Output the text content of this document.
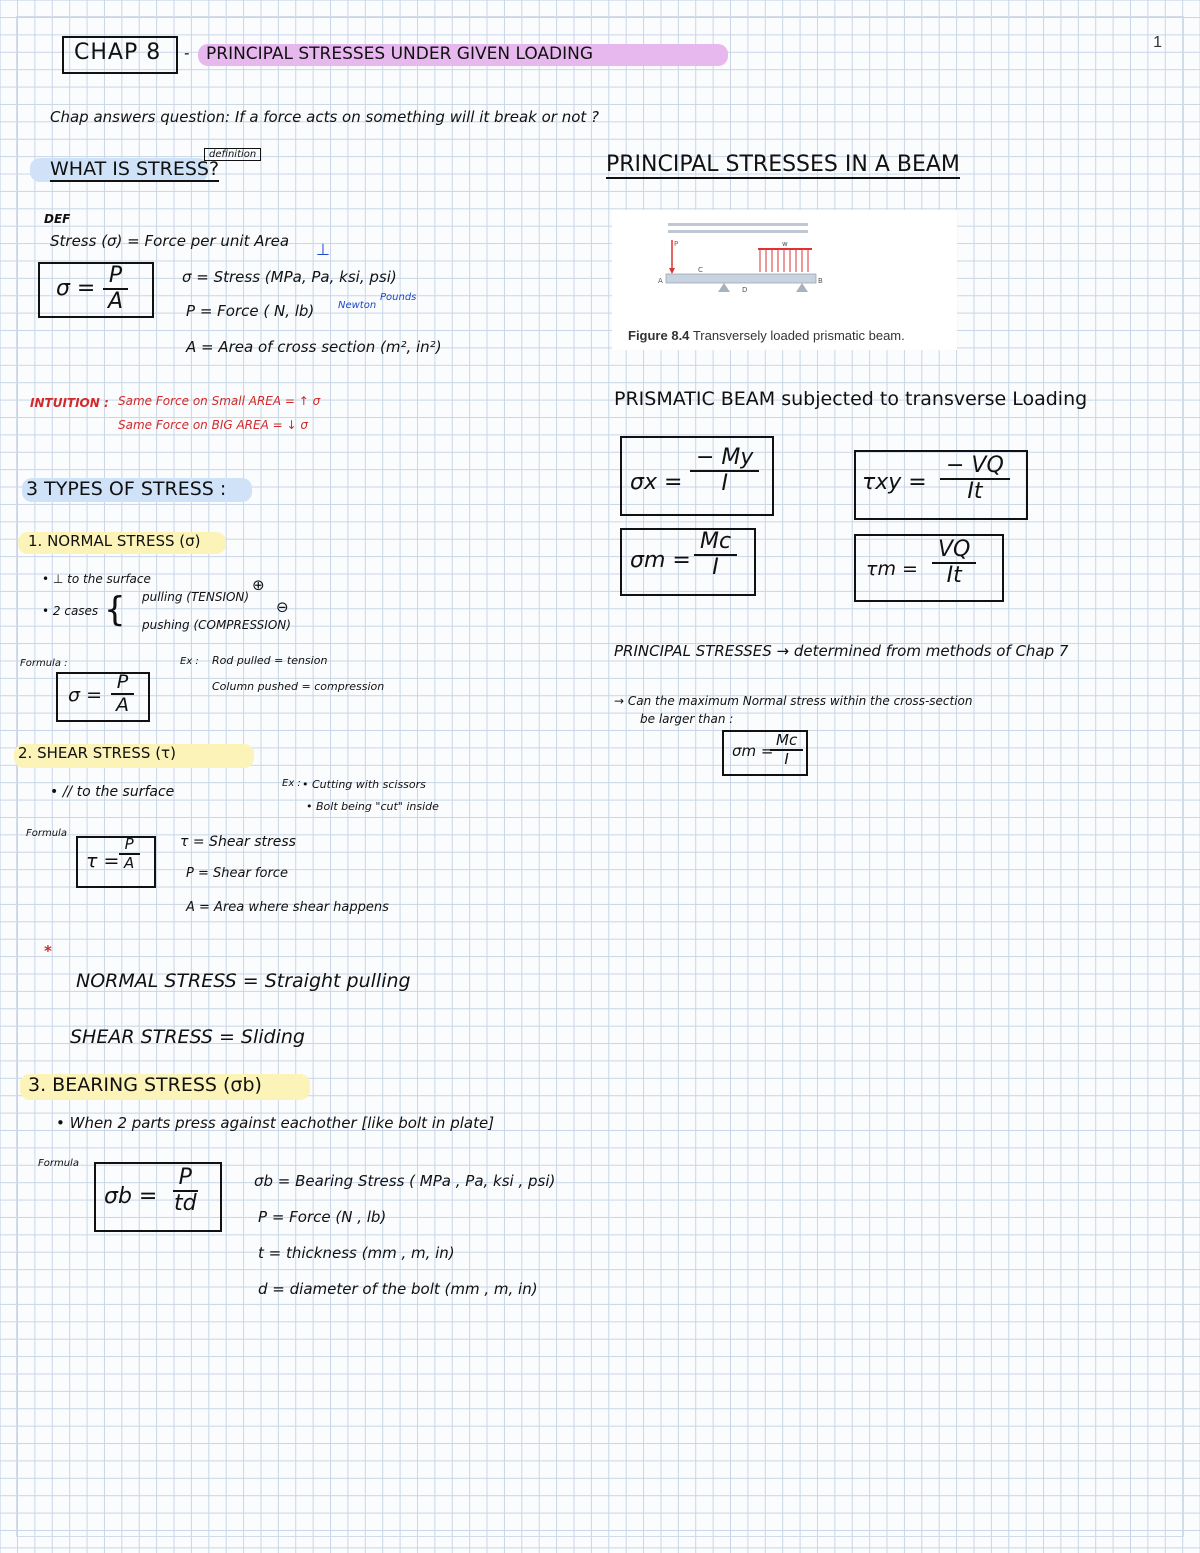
1
CHAP 8 - PRINCIPAL STRESSES UNDER GIVEN LOADING
Chap answers question: If a force acts on something will it break or not ?
WHAT IS STRESS?
definition
DEF
Stress (σ) = Force per unit Area
$\sigma = \frac{P}{A}$	σ = Stress (MPa, Pa, ksi, psi)
P = Force ( N, lb)
A = Area of cross section (m², in²)
⊥
Newton
Pounds
INTUITION : Same Force on Small AREA = ↑ σ
Same Force on BIG AREA = ↓ σ
3 TYPES OF STRESS :
1. NORMAL STRESS (σ)
• ⊥ to the surface
• 2 cases { pulling (TENSION)
pushing (COMPRESSION)
⊕
⊖
Formula :
$\sigma = \frac{P}{A}$
Ex : Rod pulled = tension
Column pushed = compression
2. SHEAR STRESS (τ)
• // to the surface
Ex : • Cutting with scissors
• Bolt being "cut" inside
Formula
τ =
$\frac{P}{A}$	τ = Shear stress
P = Shear force
A = Area where shear happens
*
NORMAL STRESS = Straight pulling
SHEAR STRESS = Sliding
3. BEARING STRESS (σb)
• When 2 parts press against eachother [like bolt in plate]
Formula
$\sigma b = \frac{P}{td}$	σb = Bearing Stress ( MPa , Pa, ksi , psi)
P = Force (N , lb)
t = thickness (mm , m, in)
d = diameter of the bolt (mm , m, in)
PRINCIPAL STRESSES IN A BEAM
P	w
A	B
C
D
Figure 8.4 Transversely loaded prismatic beam.
PRISMATIC BEAM subjected to transverse Loading
$\sigma x = \frac{- My}{I}$	$\tau xy = \frac{- VQ}{It}$
$\sigma m = \frac{Mc}{I}$	$\tau m = \frac{VQ}{It}$
PRINCIPAL STRESSES → determined from methods of Chap 7
→ Can the maximum Normal stress within the cross-section
be larger than :
σm =
$\frac{Mc}{I}$
